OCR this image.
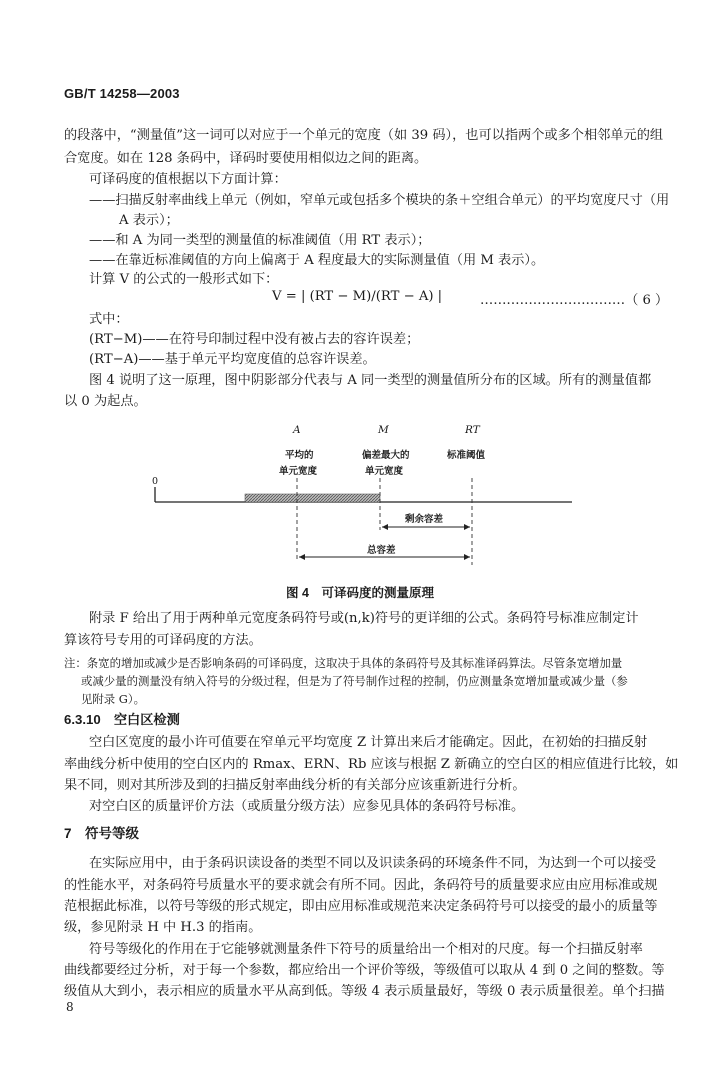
GB/T 14258—2003
的段落中，“测量值”这一词可以对应于一个单元的宽度（如 39 码），也可以指两个或多个相邻单元的组
合宽度。如在 128 条码中，译码时要使用相似边之间的距离。
可译码度的值根据以下方面计算：
——扫描反射率曲线上单元（例如，窄单元或包括多个模块的条＋空组合单元）的平均宽度尺寸（用
A 表示）；
——和 A 为同一类型的测量值的标准阈值（用 RT 表示）；
——在靠近标准阈值的方向上偏离于 A 程度最大的实际测量值（用 M 表示）。
计算 V 的公式的一般形式如下：
V = | (RT − M)/(RT − A) |	……………………………（ 6 ）
式中：
(RT−M)——在符号印制过程中没有被占去的容许误差；
(RT−A)——基于单元平均宽度值的总容许误差。
图 4 说明了这一原理，图中阴影部分代表与 A 同一类型的测量值所分布的区域。所有的测量值都
以 0 为起点。
A	M	RT
平均的
单元宽度
偏差最大的
单元宽度
标准阈值
0
剩余容差
总容差
图 4　可译码度的测量原理
附录 F 给出了用于两种单元宽度条码符号或(n,k)符号的更详细的公式。条码符号标准应制定计
算该符号专用的可译码度的方法。
注：条宽的增加或减少是否影响条码的可译码度，这取决于具体的条码符号及其标准译码算法。尽管条宽增加量
或减少量的测量没有纳入符号的分级过程，但是为了符号制作过程的控制，仍应测量条宽增加量或减少量（参
见附录 G）。
6.3.10　空白区检测
空白区宽度的最小许可值要在窄单元平均宽度 Z 计算出来后才能确定。因此，在初始的扫描反射
率曲线分析中使用的空白区内的 Rmax、ERN、Rb 应该与根据 Z 新确立的空白区的相应值进行比较，如
果不同，则对其所涉及到的扫描反射率曲线分析的有关部分应该重新进行分析。
对空白区的质量评价方法（或质量分级方法）应参见具体的条码符号标准。
7　符号等级
在实际应用中，由于条码识读设备的类型不同以及识读条码的环境条件不同，为达到一个可以接受
的性能水平，对条码符号质量水平的要求就会有所不同。因此，条码符号的质量要求应由应用标准或规
范根据此标准，以符号等级的形式规定，即由应用标准或规范来决定条码符号可以接受的最小的质量等
级，参见附录 H 中 H.3 的指南。
符号等级化的作用在于它能够就测量条件下符号的质量给出一个相对的尺度。每一个扫描反射率
曲线都要经过分析，对于每一个参数，都应给出一个评价等级，等级值可以取从 4 到 0 之间的整数。等
级值从大到小，表示相应的质量水平从高到低。等级 4 表示质量最好，等级 0 表示质量很差。单个扫描
8
